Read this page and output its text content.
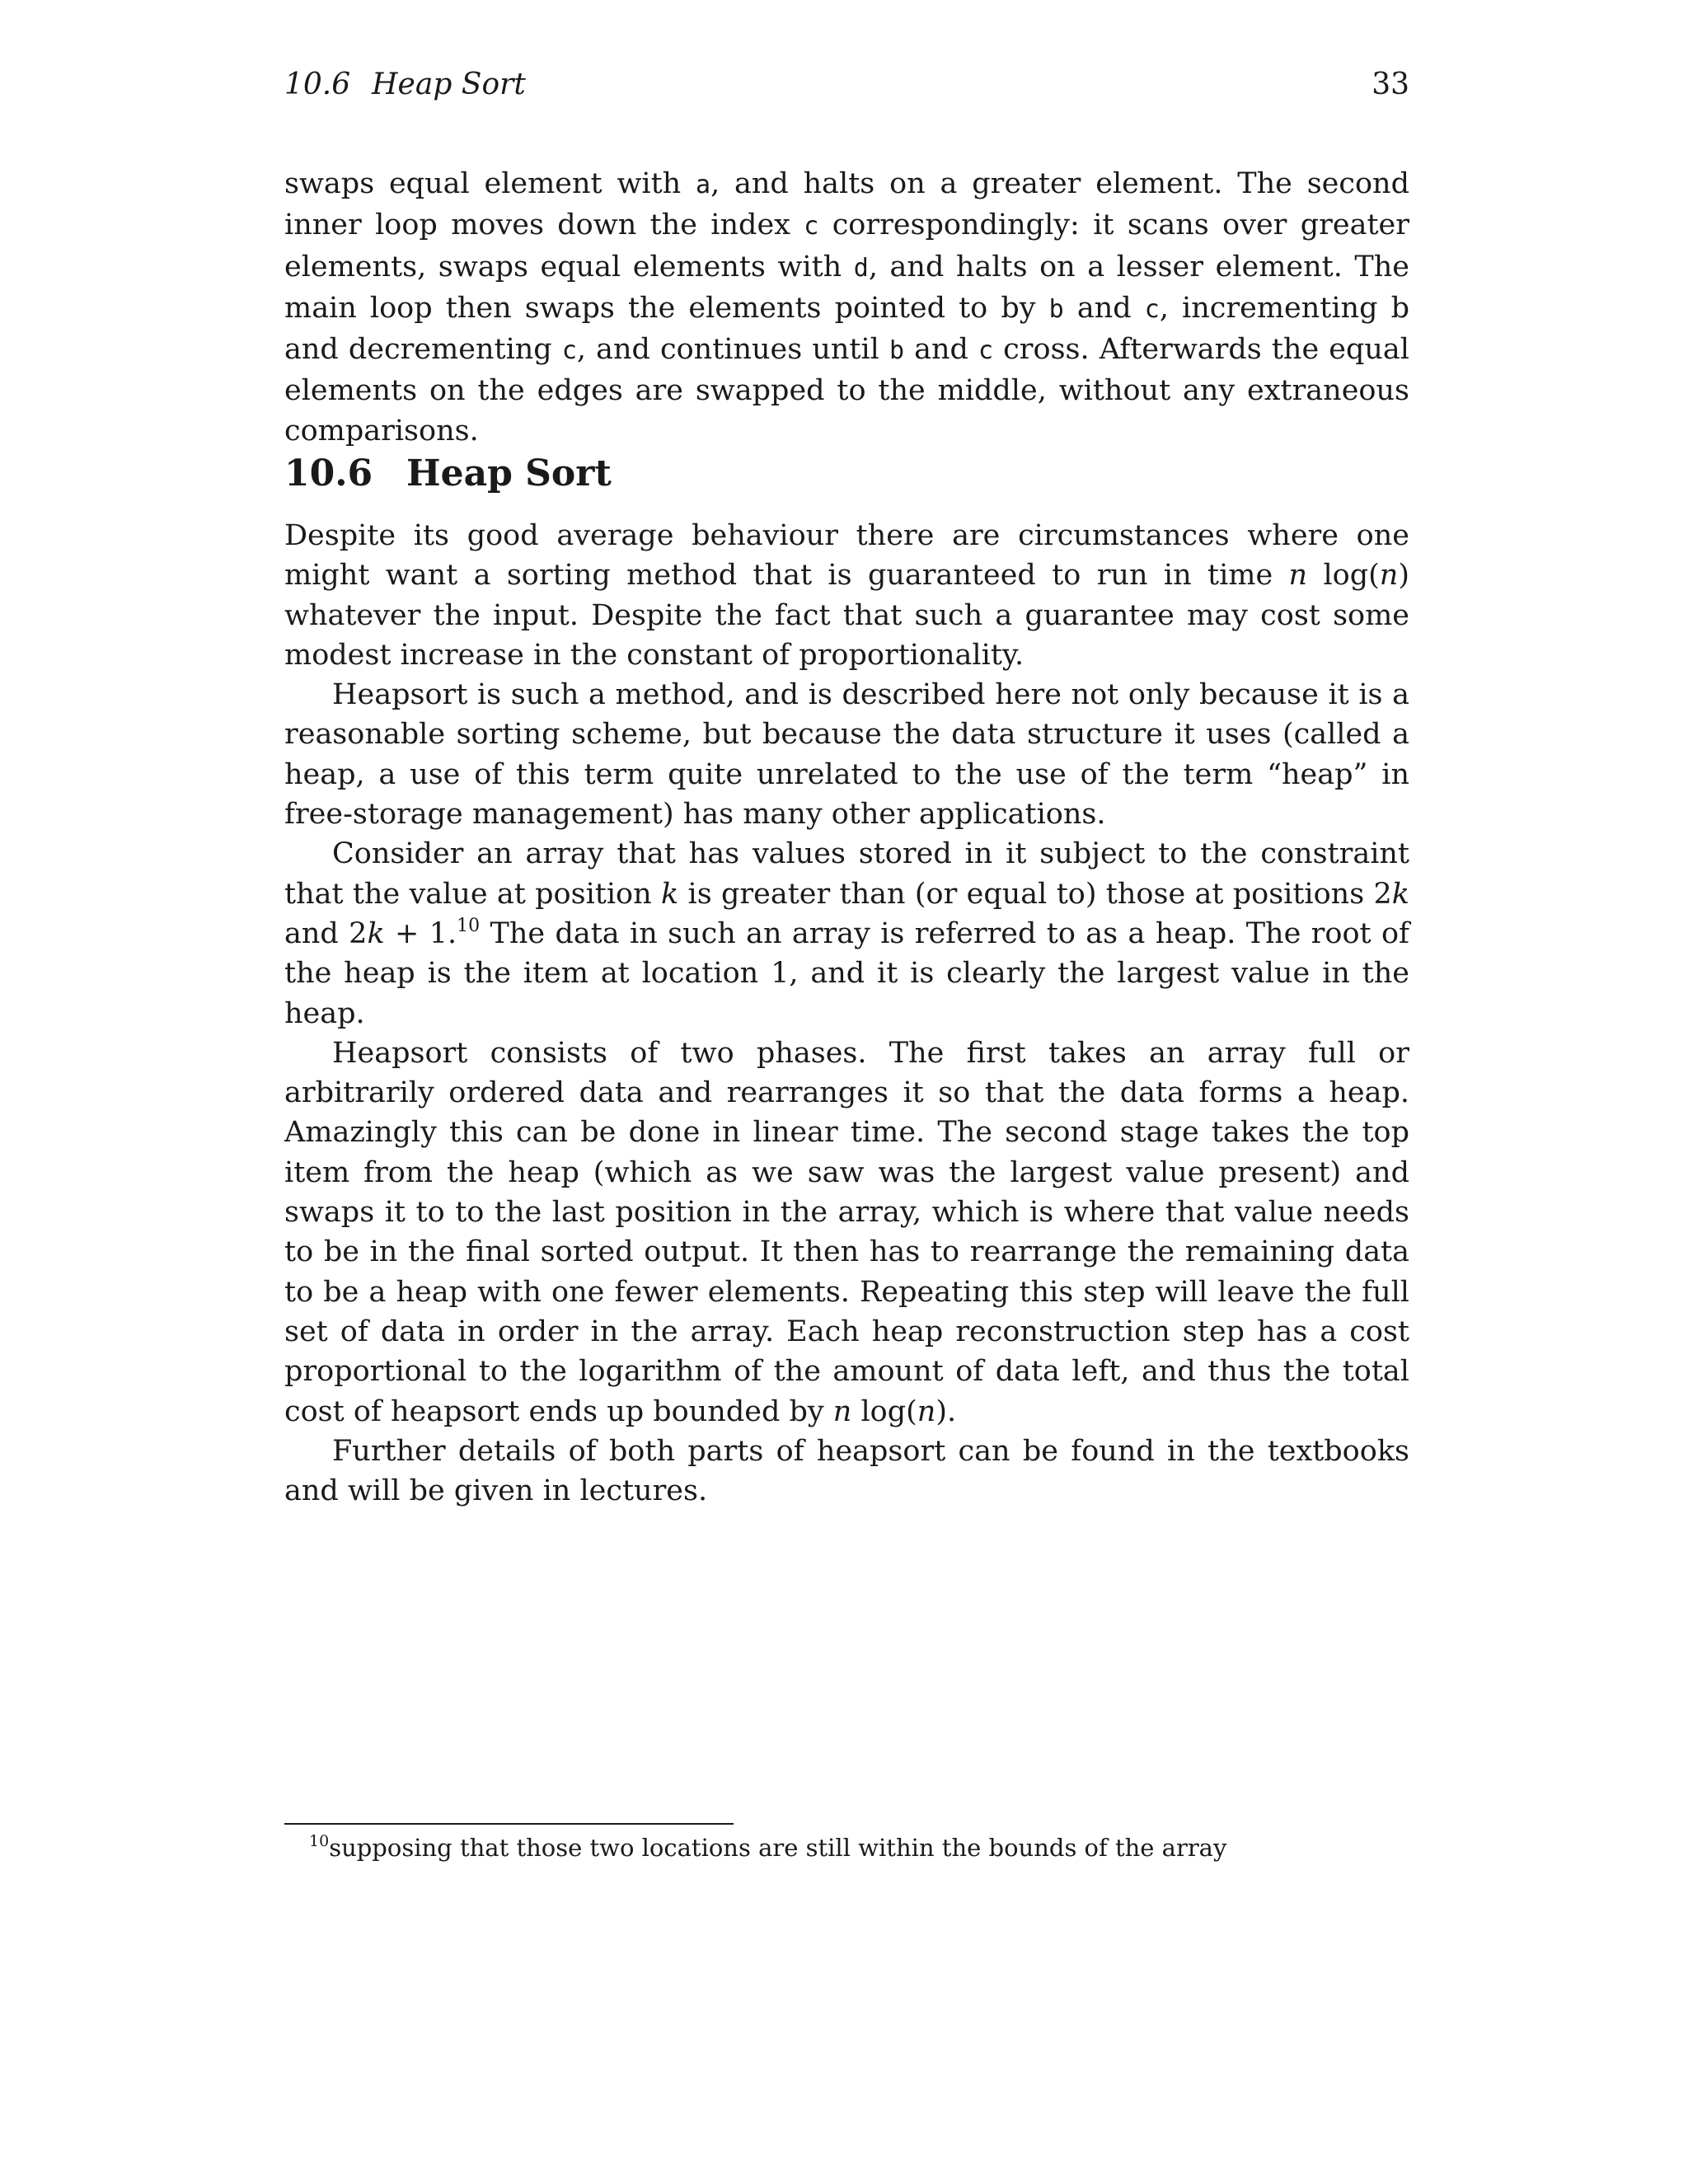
10.6 Heap Sort	33

swaps equal element with a, and halts on a greater element. The second inner loop moves down the index c correspondingly: it scans over greater elements, swaps equal elements with d, and halts on a lesser element. The main loop then swaps the elements pointed to by b and c, incrementing b and decrementing c, and continues until b and c cross. Afterwards the equal elements on the edges are swapped to the middle, without any extraneous comparisons.

10.6 Heap Sort

Despite its good average behaviour there are circumstances where one might want a sorting method that is guaranteed to run in time n log(n) whatever the input. Despite the fact that such a guarantee may cost some modest increase in the constant of proportionality.

Heapsort is such a method, and is described here not only because it is a reasonable sorting scheme, but because the data structure it uses (called a heap, a use of this term quite unrelated to the use of the term “heap” in free-storage management) has many other applications.

Consider an array that has values stored in it subject to the constraint that the value at position k is greater than (or equal to) those at positions 2k and 2k + 1.10 The data in such an array is referred to as a heap. The root of the heap is the item at location 1, and it is clearly the largest value in the heap.

Heapsort consists of two phases. The first takes an array full or arbitrarily ordered data and rearranges it so that the data forms a heap. Amazingly this can be done in linear time. The second stage takes the top item from the heap (which as we saw was the largest value present) and swaps it to to the last position in the array, which is where that value needs to be in the final sorted output. It then has to rearrange the remaining data to be a heap with one fewer elements. Repeating this step will leave the full set of data in order in the array. Each heap reconstruction step has a cost proportional to the logarithm of the amount of data left, and thus the total cost of heapsort ends up bounded by n log(n).

Further details of both parts of heapsort can be found in the textbooks and will be given in lectures.

$^{10}$supposing that those two locations are still within the bounds of the array
